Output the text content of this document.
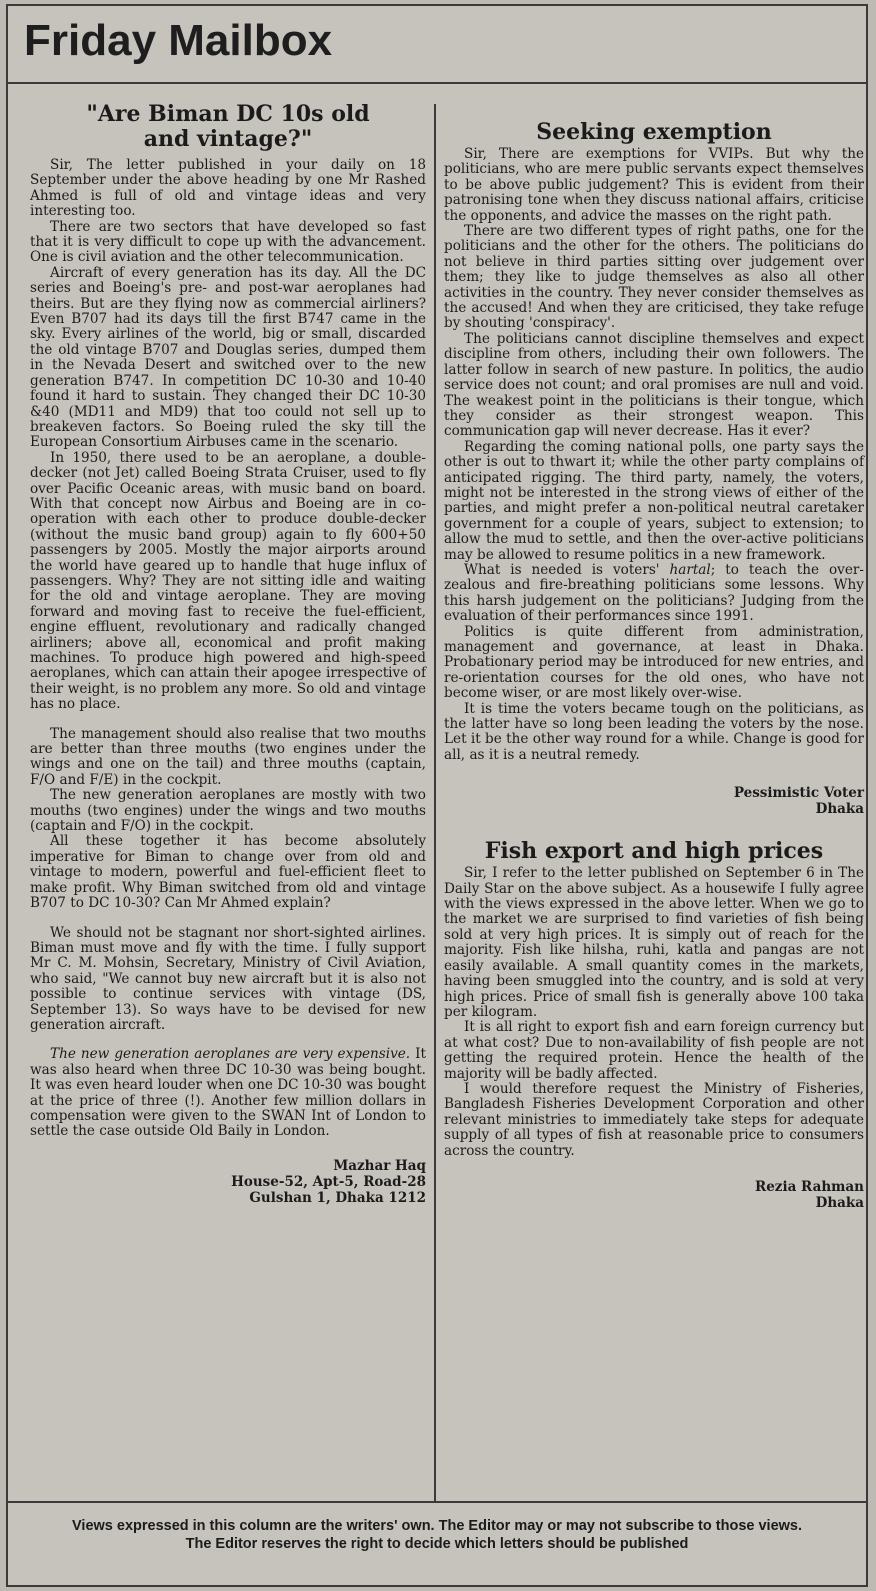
Friday Mailbox
"Are Biman DC 10s old
and vintage?"

Sir, The letter published in your daily on 18 September under the above heading by one Mr Rashed Ahmed is full of old and vintage ideas and very interesting too.

There are two sectors that have developed so fast that it is very difficult to cope up with the advancement. One is civil aviation and the other telecommunication.

Aircraft of every generation has its day. All the DC series and Boeing's pre- and post-war aeroplanes had theirs. But are they flying now as commercial airliners? Even B707 had its days till the first B747 came in the sky. Every airlines of the world, big or small, discarded the old vintage B707 and Douglas series, dumped them in the Nevada Desert and switched over to the new generation B747. In competition DC 10-30 and 10-40 found it hard to sustain. They changed their DC 10-30 &40 (MD11 and MD9) that too could not sell up to breakeven factors. So Boeing ruled the sky till the European Consortium Airbuses came in the scenario.

In 1950, there used to be an aeroplane, a double-decker (not Jet) called Boeing Strata Cruiser, used to fly over Pacific Oceanic areas, with music band on board. With that concept now Airbus and Boeing are in co-operation with each other to produce double-decker (without the music band group) again to fly 600+50 passengers by 2005. Mostly the major airports around the world have geared up to handle that huge influx of passengers. Why? They are not sitting idle and waiting for the old and vintage aeroplane. They are moving forward and moving fast to receive the fuel-efficient, engine effluent, revolutionary and radically changed airliners; above all, economical and profit making machines. To produce high powered and high-speed aeroplanes, which can attain their apogee irrespective of their weight, is no problem any more. So old and vintage has no place.

The management should also realise that two mouths are better than three mouths (two engines under the wings and one on the tail) and three mouths (captain, F/O and F/E) in the cockpit.

The new generation aeroplanes are mostly with two mouths (two engines) under the wings and two mouths (captain and F/O) in the cockpit.

All these together it has become absolutely imperative for Biman to change over from old and vintage to modern, powerful and fuel-efficient fleet to make profit. Why Biman switched from old and vintage B707 to DC 10-30? Can Mr Ahmed explain?

We should not be stagnant nor short-sighted airlines. Biman must move and fly with the time. I fully support Mr C. M. Mohsin, Secretary, Ministry of Civil Aviation, who said, "We cannot buy new aircraft but it is also not possible to continue services with vintage (DS, September 13). So ways have to be devised for new generation aircraft.

The new generation aeroplanes are very expensive. It was also heard when three DC 10-30 was being bought. It was even heard louder when one DC 10-30 was bought at the price of three (!). Another few million dollars in compensation were given to the SWAN Int of London to settle the case outside Old Baily in London.

Mazhar Haq
House-52, Apt-5, Road-28
Gulshan 1, Dhaka 1212
Seeking exemption

Sir, There are exemptions for VVIPs. But why the politicians, who are mere public servants expect themselves to be above public judgement? This is evident from their patronising tone when they discuss national affairs, criticise the opponents, and advice the masses on the right path.

There are two different types of right paths, one for the politicians and the other for the others. The politicians do not believe in third parties sitting over judgement over them; they like to judge themselves as also all other activities in the country. They never consider themselves as the accused! And when they are criticised, they take refuge by shouting 'conspiracy'.

The politicians cannot discipline themselves and expect discipline from others, including their own followers. The latter follow in search of new pasture. In politics, the audio service does not count; and oral promises are null and void. The weakest point in the politicians is their tongue, which they consider as their strongest weapon. This communication gap will never decrease. Has it ever?

Regarding the coming national polls, one party says the other is out to thwart it; while the other party complains of anticipated rigging. The third party, namely, the voters, might not be interested in the strong views of either of the parties, and might prefer a non-political neutral caretaker government for a couple of years, subject to extension; to allow the mud to settle, and then the over-active politicians may be allowed to resume politics in a new framework.

What is needed is voters' hartal; to teach the over-zealous and fire-breathing politicians some lessons. Why this harsh judgement on the politicians? Judging from the evaluation of their performances since 1991.

Politics is quite different from administration, management and governance, at least in Dhaka. Probationary period may be introduced for new entries, and re-orientation courses for the old ones, who have not become wiser, or are most likely over-wise.

It is time the voters became tough on the politicians, as the latter have so long been leading the voters by the nose. Let it be the other way round for a while. Change is good for all, as it is a neutral remedy.

Pessimistic Voter
Dhaka
Fish export and high prices

Sir, I refer to the letter published on September 6 in The Daily Star on the above subject. As a housewife I fully agree with the views expressed in the above letter. When we go to the market we are surprised to find varieties of fish being sold at very high prices. It is simply out of reach for the majority. Fish like hilsha, ruhi, katla and pangas are not easily available. A small quantity comes in the markets, having been smuggled into the country, and is sold at very high prices. Price of small fish is generally above 100 taka per kilogram.

It is all right to export fish and earn foreign currency but at what cost? Due to non-availability of fish people are not getting the required protein. Hence the health of the majority will be badly affected.

I would therefore request the Ministry of Fisheries, Bangladesh Fisheries Development Corporation and other relevant ministries to immediately take steps for adequate supply of all types of fish at reasonable price to consumers across the country.

Rezia Rahman
Dhaka
Views expressed in this column are the writers' own. The Editor may or may not subscribe to those views.
The Editor reserves the right to decide which letters should be published
